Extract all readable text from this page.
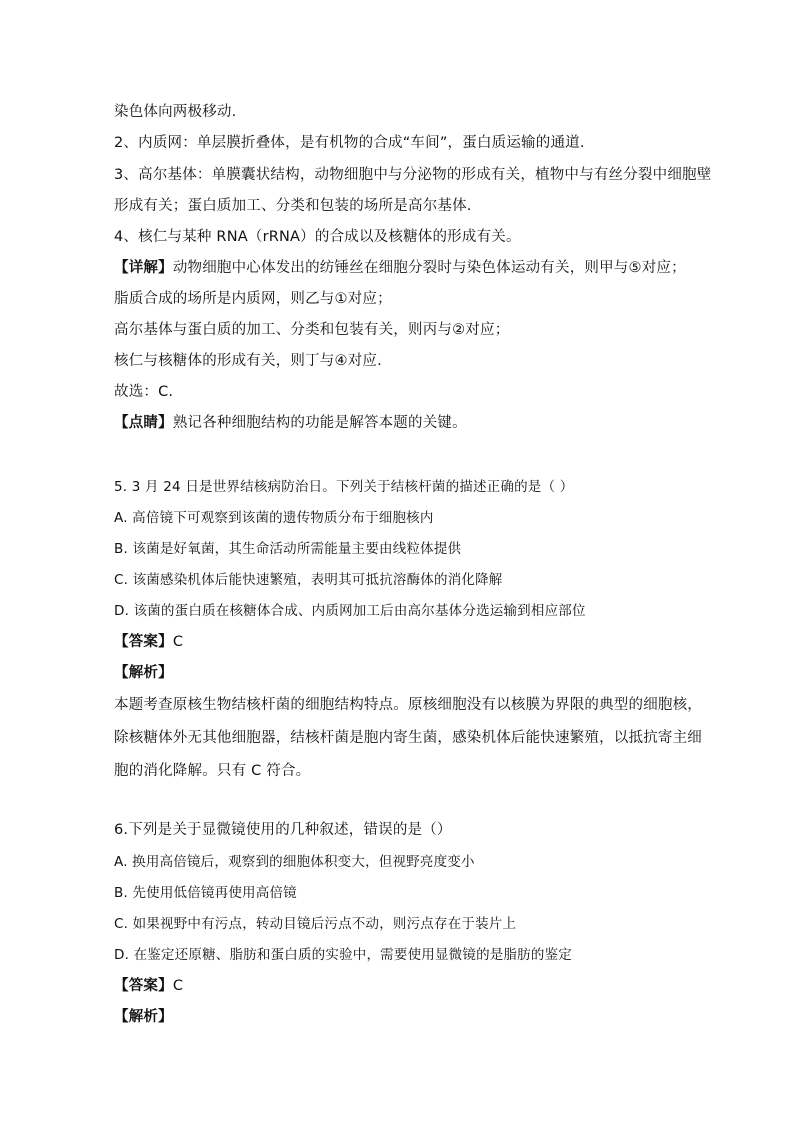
染色体向两极移动.
2、内质网：单层膜折叠体，是有机物的合成“车间”，蛋白质运输的通道.
3、高尔基体：单膜囊状结构，动物细胞中与分泌物的形成有关，植物中与有丝分裂中细胞壁
形成有关；蛋白质加工、分类和包装的场所是高尔基体.
4、核仁与某种 RNA（rRNA）的合成以及核糖体的形成有关。
【详解】动物细胞中心体发出的纺锤丝在细胞分裂时与染色体运动有关，则甲与⑤对应；
脂质合成的场所是内质网，则乙与①对应；
高尔基体与蛋白质的加工、分类和包装有关，则丙与②对应；
核仁与核糖体的形成有关，则丁与④对应.
故选：C.
【点睛】熟记各种细胞结构的功能是解答本题的关键。
5. 3 月 24 日是世界结核病防治日。下列关于结核杆菌的描述正确的是（ ）
A. 高倍镜下可观察到该菌的遗传物质分布于细胞核内
B. 该菌是好氧菌，其生命活动所需能量主要由线粒体提供
C. 该菌感染机体后能快速繁殖，表明其可抵抗溶酶体的消化降解
D. 该菌的蛋白质在核糖体合成、内质网加工后由高尔基体分选运输到相应部位
【答案】C
【解析】
本题考查原核生物结核杆菌的细胞结构特点。原核细胞没有以核膜为界限的典型的细胞核，
除核糖体外无其他细胞器，结核杆菌是胞内寄生菌，感染机体后能快速繁殖，以抵抗寄主细
胞的消化降解。只有 C 符合。
6.下列是关于显微镜使用的几种叙述，错误的是（）
A. 换用高倍镜后，观察到的细胞体积变大，但视野亮度变小
B. 先使用低倍镜再使用高倍镜
C. 如果视野中有污点，转动目镜后污点不动，则污点存在于装片上
D. 在鉴定还原糖、脂肪和蛋白质的实验中，需要使用显微镜的是脂肪的鉴定
【答案】C
【解析】
